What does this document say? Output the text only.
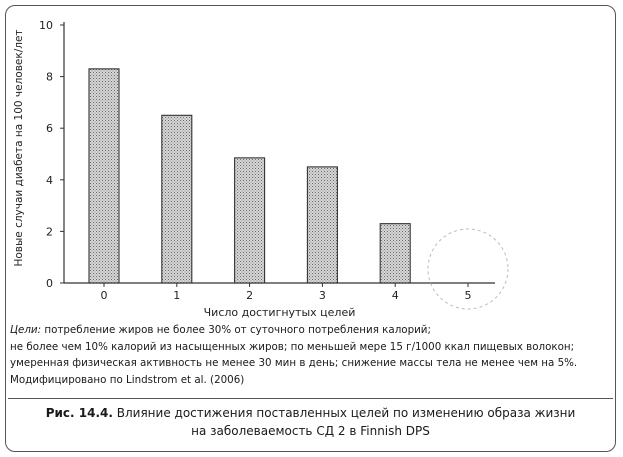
0
2
4
6
8
10
0	1	2	3	4	5
Число достигнутых целей
Новые случаи диабета на 100 человек/лет
Цели: потребление жиров не более 30% от суточного потребления калорий;
не более чем 10% калорий из насыщенных жиров; по меньшей мере 15 г/1000 ккал пищевых волокон;
умеренная физическая активность не менее 30 мин в день; снижение массы тела не менее чем на 5%.
Модифицировано по Lindstrom et al. (2006)
Рис. 14.4. Влияние достижения поставленных целей по изменению образа жизни
на заболеваемость СД 2 в Finnish DPS
